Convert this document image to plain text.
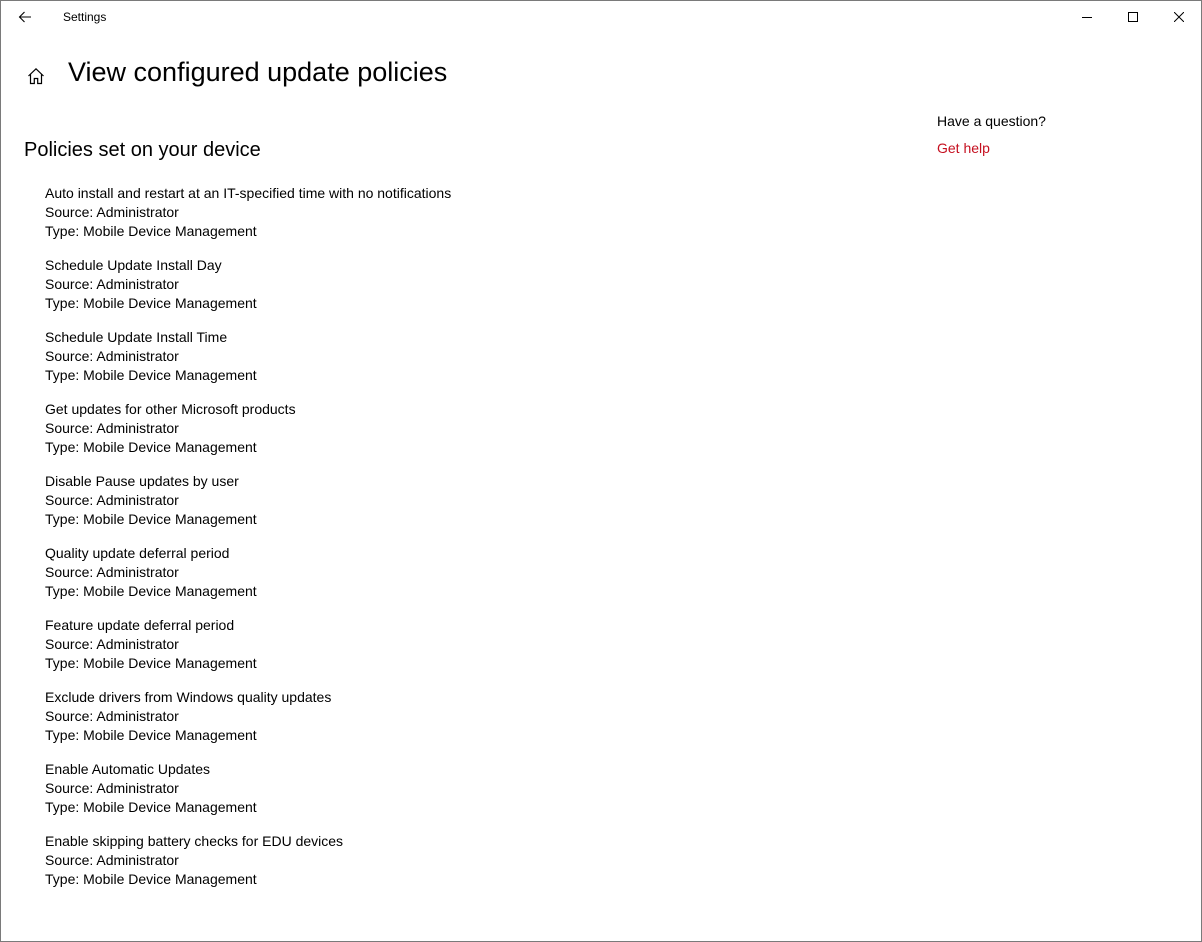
Settings
View configured update policies
Policies set on your device
Auto install and restart at an IT-specified time with no notifications
Source: Administrator
Type: Mobile Device Management
Schedule Update Install Day
Source: Administrator
Type: Mobile Device Management
Schedule Update Install Time
Source: Administrator
Type: Mobile Device Management
Get updates for other Microsoft products
Source: Administrator
Type: Mobile Device Management
Disable Pause updates by user
Source: Administrator
Type: Mobile Device Management
Quality update deferral period
Source: Administrator
Type: Mobile Device Management
Feature update deferral period
Source: Administrator
Type: Mobile Device Management
Exclude drivers from Windows quality updates
Source: Administrator
Type: Mobile Device Management
Enable Automatic Updates
Source: Administrator
Type: Mobile Device Management
Enable skipping battery checks for EDU devices
Source: Administrator
Type: Mobile Device Management
Have a question?
Get help
